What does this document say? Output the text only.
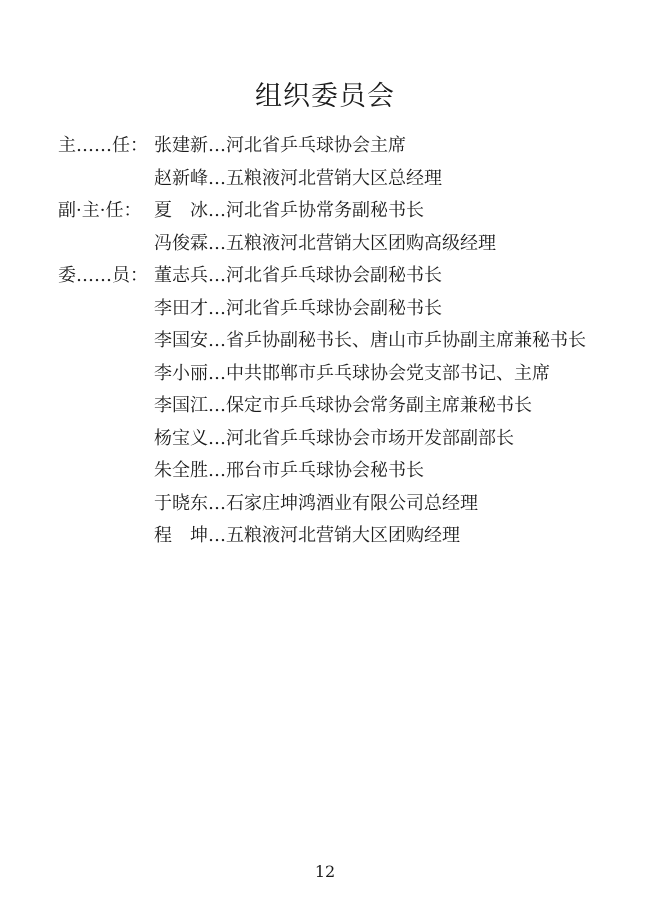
组织委员会
主……任： 张建新…河北省乒乓球协会主席
赵新峰…五粮液河北营销大区总经理
副·主·任： 夏　冰…河北省乒协常务副秘书长
冯俊霖…五粮液河北营销大区团购高级经理
委……员： 董志兵…河北省乒乓球协会副秘书长
李田才…河北省乒乓球协会副秘书长
李国安…省乒协副秘书长、唐山市乒协副主席兼秘书长
李小丽…中共邯郸市乒乓球协会党支部书记、主席
李国江…保定市乒乓球协会常务副主席兼秘书长
杨宝义…河北省乒乓球协会市场开发部副部长
朱全胜…邢台市乒乓球协会秘书长
于晓东…石家庄坤鸿酒业有限公司总经理
程　坤…五粮液河北营销大区团购经理
12
